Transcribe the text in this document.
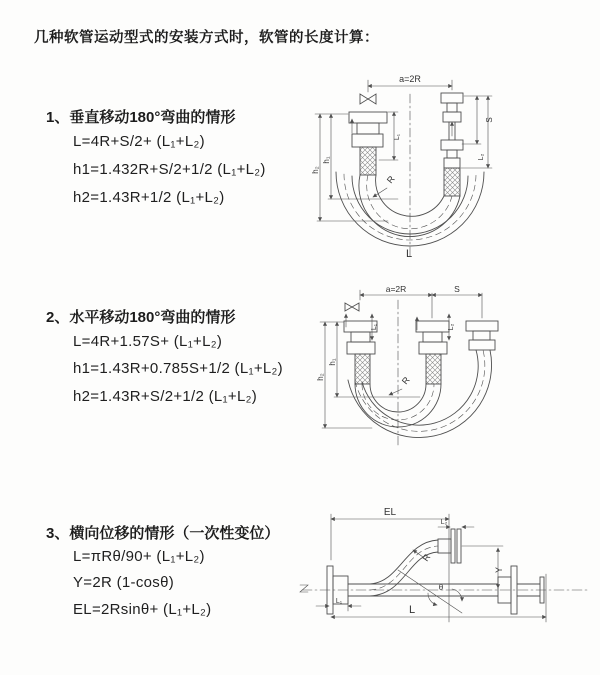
几种软管运动型式的安装方式时，软管的长度计算：
1、垂直移动180°弯曲的情形
L=4R+S/2+ (L₁+L₂)
h1=1.432R+S/2+1/2 (L₁+L₂)
h2=1.43R+1/2 (L₁+L₂)
2、水平移动180°弯曲的情形
L=4R+1.57S+ (L₁+L₂)
h1=1.43R+0.785S+1/2 (L₁+L₂)
h2=1.43R+S/2+1/2 (L₁+L₂)
3、横向位移的情形（一次性变位）
L=πRθ/90+ (L₁+L₂)
Y=2R (1-cosθ)
EL=2Rsinθ+ (L₁+L₂)
a=2R
R
h₁
h₂
L₁
S
L₂
L
a=2R	S
R
h₁
h₂
L₁	L₂
EL
L₂
Y
R
θ
L₁
L
